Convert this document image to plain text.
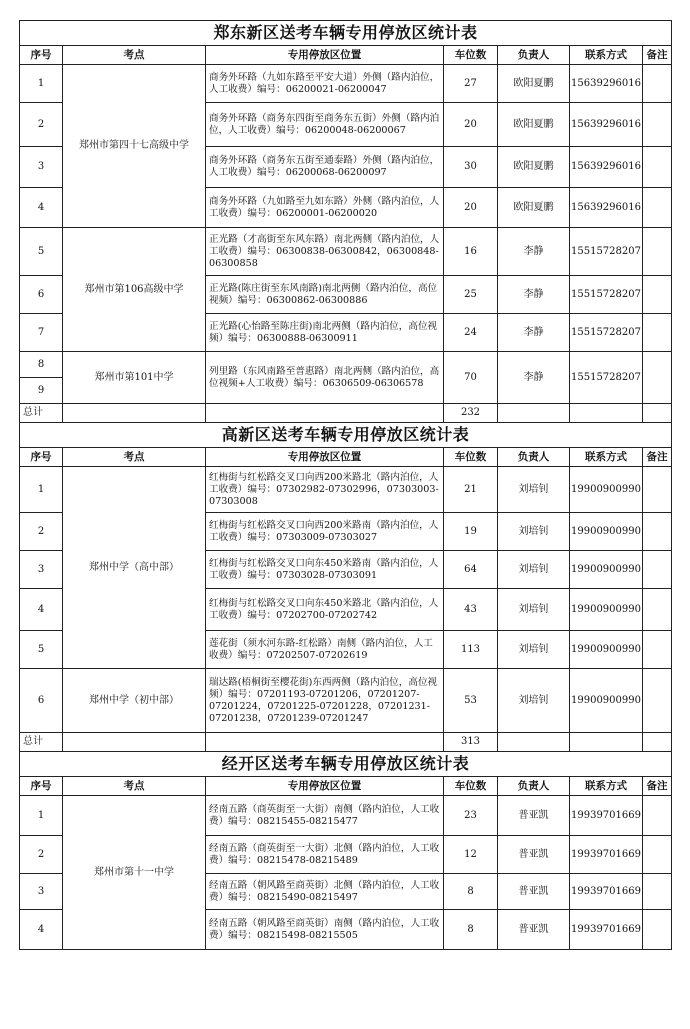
郑东新区送考车辆专用停放区统计表						
序号	考点	专用停放区位置	车位数	负责人	联系方式	备注
1	郑州市第四十七高级中学	商务外环路（九如东路至平安大道）外侧（路内泊位，人工收费）编号：06200021-06200047	27	欧阳夏鹏	15639296016	
2		商务外环路（商务东四街至商务东五街）外侧（路内泊位，人工收费）编号：06200048-06200067	20	欧阳夏鹏	15639296016	
3		商务外环路（商务东五街至通泰路）外侧（路内泊位，人工收费）编号：06200068-06200097	30	欧阳夏鹏	15639296016	
4		商务外环路（九如路至九如东路）外侧（路内泊位，人工收费）编号：06200001-06200020	20	欧阳夏鹏	15639296016	
5	郑州市第106高级中学	正光路（才高街至东风东路）南北两侧（路内泊位，人工收费）编号：06300838-06300842，06300848-06300858	16	李静	15515728207	
6		正光路(陈庄街至东风南路)南北两侧（路内泊位，高位视频）编号：06300862-06300886	25	李静	15515728207	
7		正光路(心怡路至陈庄街)南北两侧（路内泊位，高位视频）编号：06300888-06300911	24	李静	15515728207	
8	郑州市第101中学	列里路（东风南路至普惠路）南北两侧（路内泊位，高位视频+人工收费）编号：06306509-06306578	70	李静	15515728207	
9						
总计			232			
高新区送考车辆专用停放区统计表						
序号	考点	专用停放区位置	车位数	负责人	联系方式	备注
1	郑州中学（高中部）	红梅街与红松路交叉口向西200米路北（路内泊位，人工收费）编号：07302982-07302996，07303003-07303008	21	刘培钊	19900900990	
2		红梅街与红松路交叉口向西200米路南（路内泊位，人工收费）编号：07303009-07303027	19	刘培钊	19900900990	
3		红梅街与红松路交叉口向东450米路南（路内泊位，人工收费）编号：07303028-07303091	64	刘培钊	19900900990	
4		红梅街与红松路交叉口向东450米路北（路内泊位，人工收费）编号：07202700-07202742	43	刘培钊	19900900990	
5		莲花街（须水河东路-红松路）南侧（路内泊位，人工收费）编号：07202507-07202619	113	刘培钊	19900900990	
6	郑州中学（初中部）	瑞达路(梧桐街至樱花街)东西两侧（路内泊位，高位视频）编号：07201193-07201206，07201207-07201224，07201225-07201228，07201231-07201238，07201239-07201247	53	刘培钊	19900900990	
总计			313			
经开区送考车辆专用停放区统计表						
序号	考点	专用停放区位置	车位数	负责人	联系方式	备注
1	郑州市第十一中学	经南五路（商英街至一大街）南侧（路内泊位，人工收费）编号：08215455-08215477	23	普亚凯	19939701669	
2		经南五路（商英街至一大街）北侧（路内泊位，人工收费）编号：08215478-08215489	12	普亚凯	19939701669	
3		经南五路（朝风路至商英街）北侧（路内泊位，人工收费）编号：08215490-08215497	8	普亚凯	19939701669	
4		经南五路（朝风路至商英街）南侧（路内泊位，人工收费）编号：08215498-08215505	8	普亚凯	19939701669	
